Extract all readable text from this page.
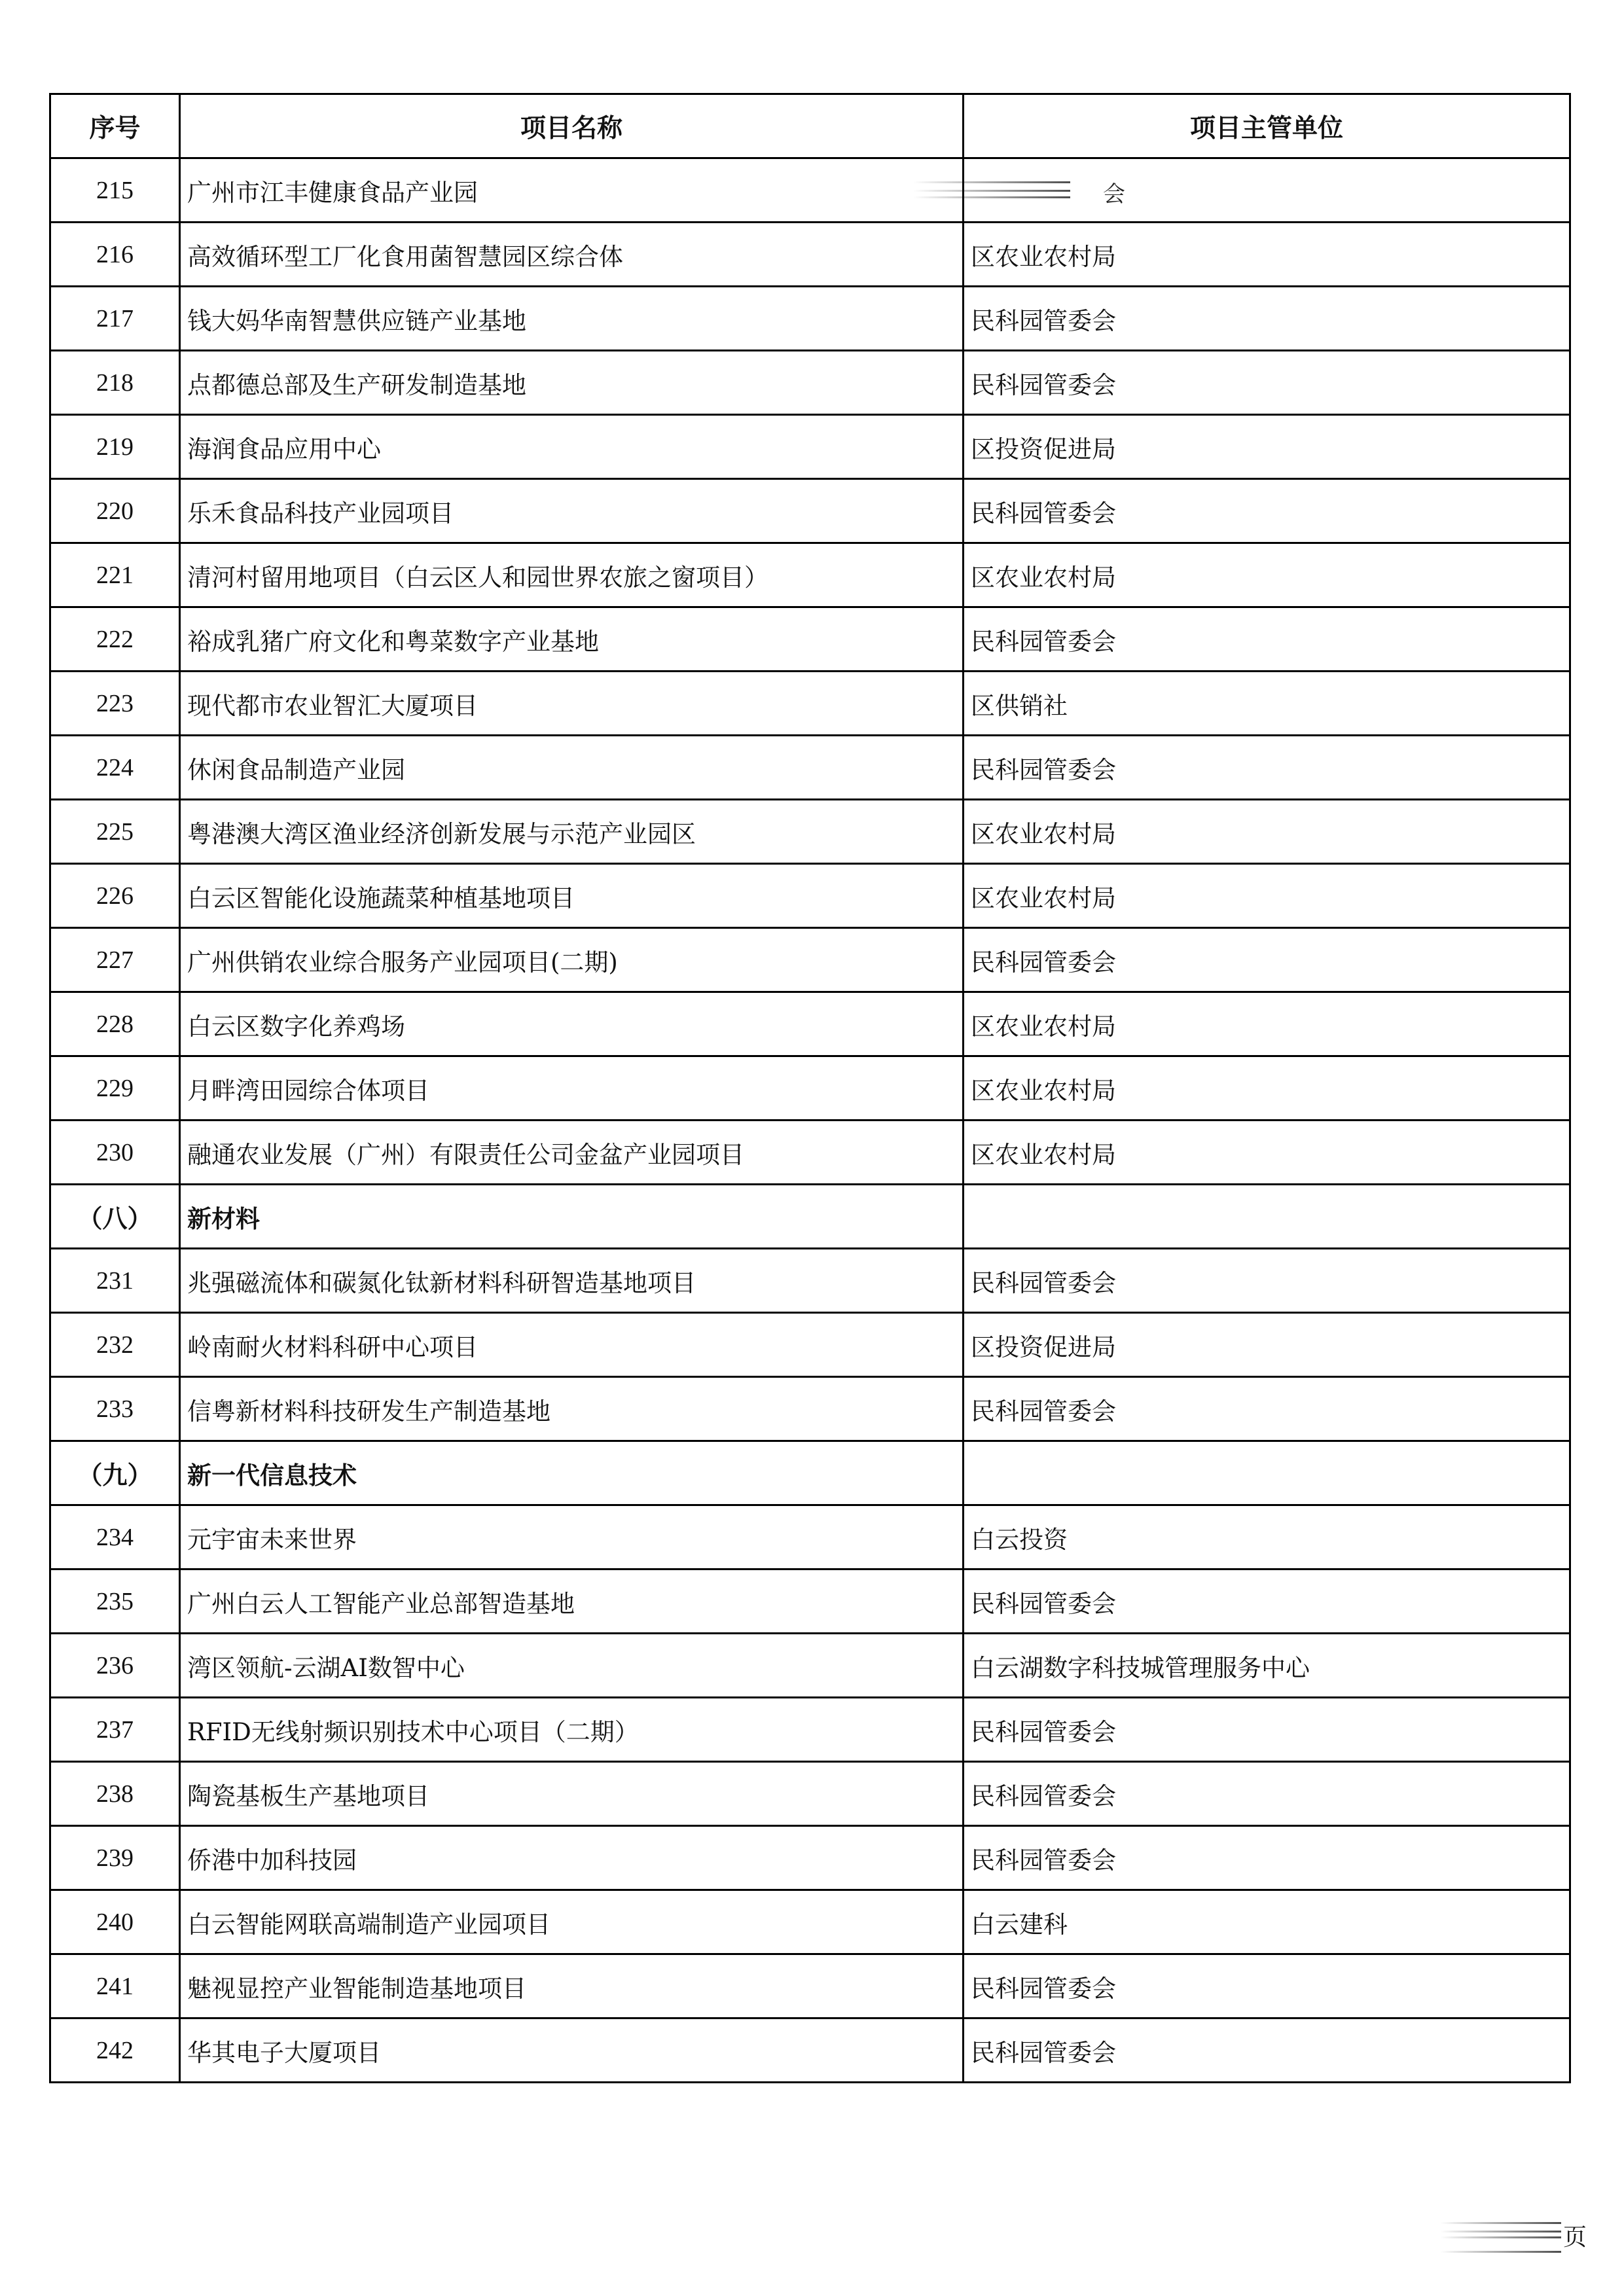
序号	项目名称	项目主管单位
215	广州市江丰健康食品产业园	会

216	高效循环型工厂化食用菌智慧园区综合体	区农业农村局
217	钱大妈华南智慧供应链产业基地	民科园管委会
218	点都德总部及生产研发制造基地	民科园管委会
219	海润食品应用中心	区投资促进局
220	乐禾食品科技产业园项目	民科园管委会
221	清河村留用地项目（白云区人和园世界农旅之窗项目）	区农业农村局
222	裕成乳猪广府文化和粤菜数字产业基地	民科园管委会
223	现代都市农业智汇大厦项目	区供销社
224	休闲食品制造产业园	民科园管委会
225	粤港澳大湾区渔业经济创新发展与示范产业园区	区农业农村局
226	白云区智能化设施蔬菜种植基地项目	区农业农村局
227	广州供销农业综合服务产业园项目(二期)	民科园管委会
228	白云区数字化养鸡场	区农业农村局
229	月畔湾田园综合体项目	区农业农村局
230	融通农业发展（广州）有限责任公司金盆产业园项目	区农业农村局
（八）	新材料	
231	兆强磁流体和碳氮化钛新材料科研智造基地项目	民科园管委会
232	岭南耐火材料科研中心项目	区投资促进局
233	信粤新材料科技研发生产制造基地	民科园管委会
（九）	新一代信息技术	
234	元宇宙未来世界	白云投资
235	广州白云人工智能产业总部智造基地	民科园管委会
236	湾区领航-云湖AI数智中心	白云湖数字科技城管理服务中心
237	RFID无线射频识别技术中心项目（二期）	民科园管委会
238	陶瓷基板生产基地项目	民科园管委会
239	侨港中加科技园	民科园管委会
240	白云智能网联高端制造产业园项目	白云建科
241	魅视显控产业智能制造基地项目	民科园管委会
242	华其电子大厦项目	民科园管委会
页
